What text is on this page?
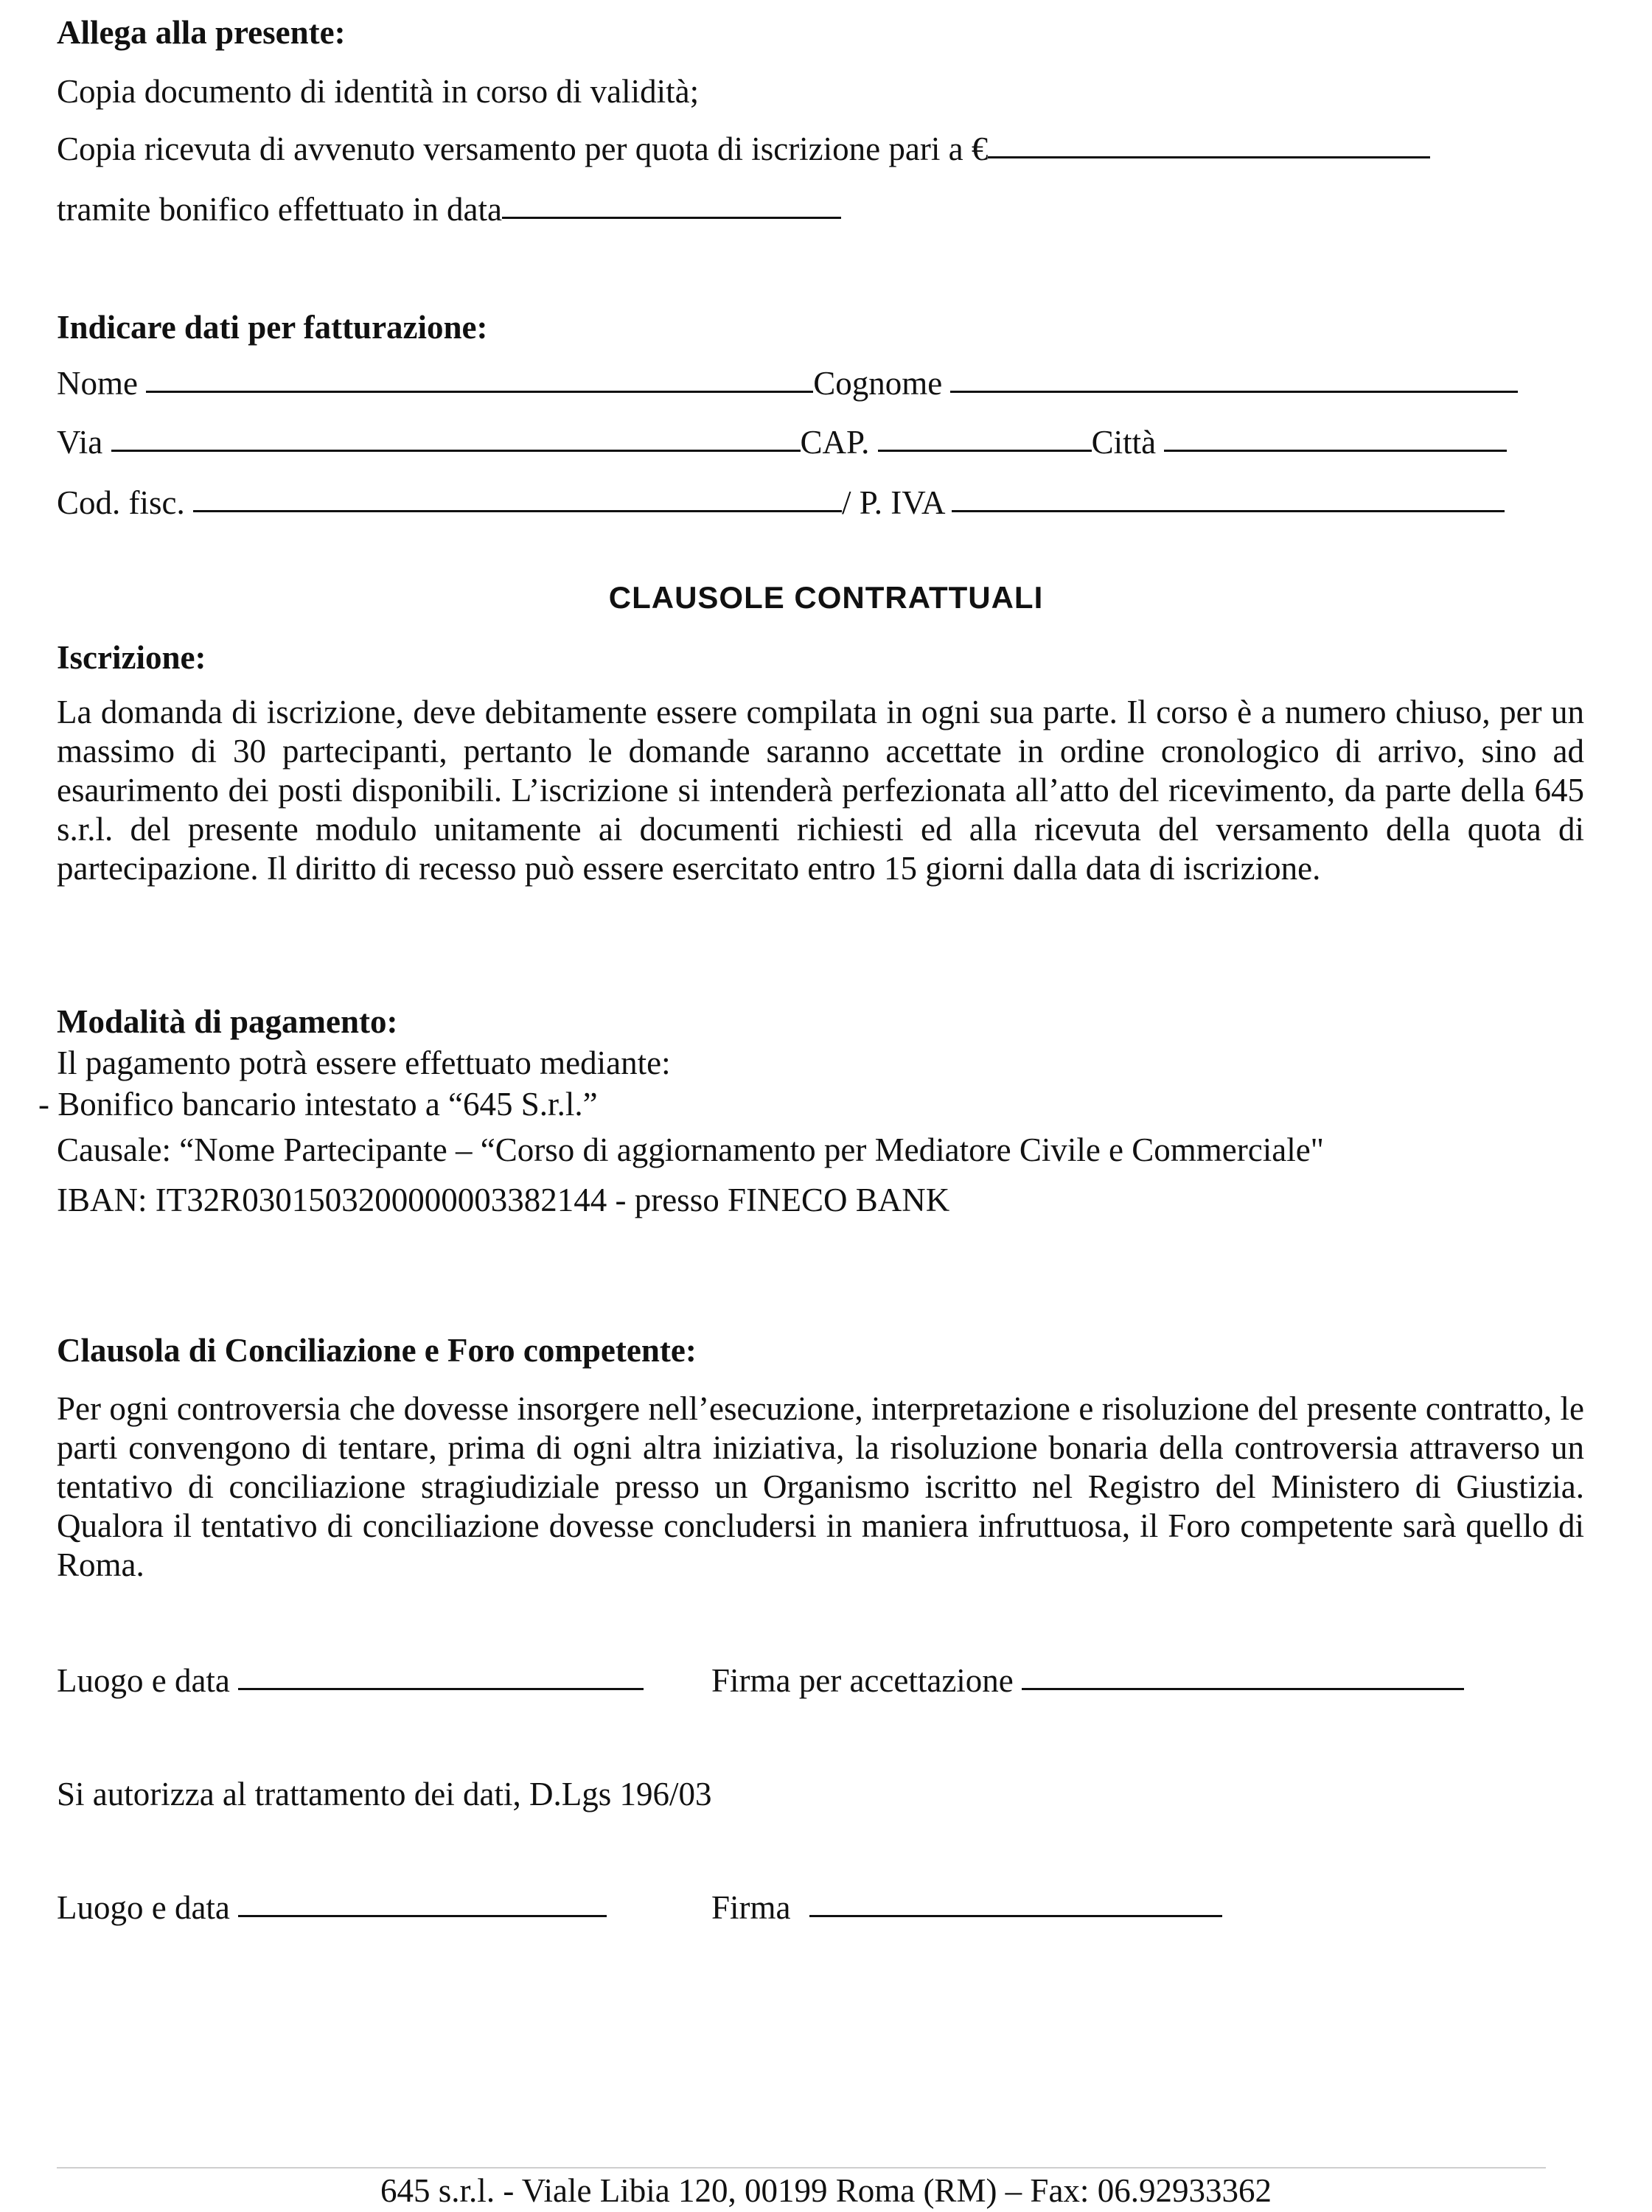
Allega alla presente:
Copia documento di identità in corso di validità;
Copia ricevuta di avvenuto versamento per quota di iscrizione pari a €
tramite bonifico effettuato in data
Indicare dati per fatturazione:
Nome	Cognome
Via	CAP.	Città
Cod. fisc.	/ P. IVA
CLAUSOLE CONTRATTUALI
Iscrizione:

La domanda di iscrizione, deve debitamente essere compilata in ogni sua parte. Il corso è a numero chiuso, per un massimo di 30 partecipanti, pertanto le domande saranno accettate in ordine cronologico di arrivo, sino ad esaurimento dei posti disponibili. L’iscrizione si intenderà perfezionata all’atto del ricevimento, da parte della 645 s.r.l. del presente modulo unitamente ai documenti richiesti ed alla ricevuta del versamento della quota di partecipazione. Il diritto di recesso può essere esercitato entro 15 giorni dalla data di iscrizione.

Modalità di pagamento:
Il pagamento potrà essere effettuato mediante:
- Bonifico bancario intestato a “645 S.r.l.”
Causale: “Nome Partecipante – “Corso di aggiornamento per Mediatore Civile e Commerciale"
IBAN: IT32R0301503200000003382144 - presso FINECO BANK
Clausola di Conciliazione e Foro competente:

Per ogni controversia che dovesse insorgere nell’esecuzione, interpretazione e risoluzione del presente contratto, le parti convengono di tentare, prima di ogni altra iniziativa, la risoluzione bonaria della controversia attraverso un tentativo di conciliazione stragiudiziale presso un Organismo iscritto nel Registro del Ministero di Giustizia. Qualora il tentativo di conciliazione dovesse concludersi in maniera infruttuosa, il Foro competente sarà quello di Roma.

Luogo e data	Firma per accettazione
Si autorizza al trattamento dei dati, D.Lgs 196/03
Luogo e data	Firma
645 s.r.l. - Viale Libia 120, 00199 Roma (RM) – Fax: 06.92933362
